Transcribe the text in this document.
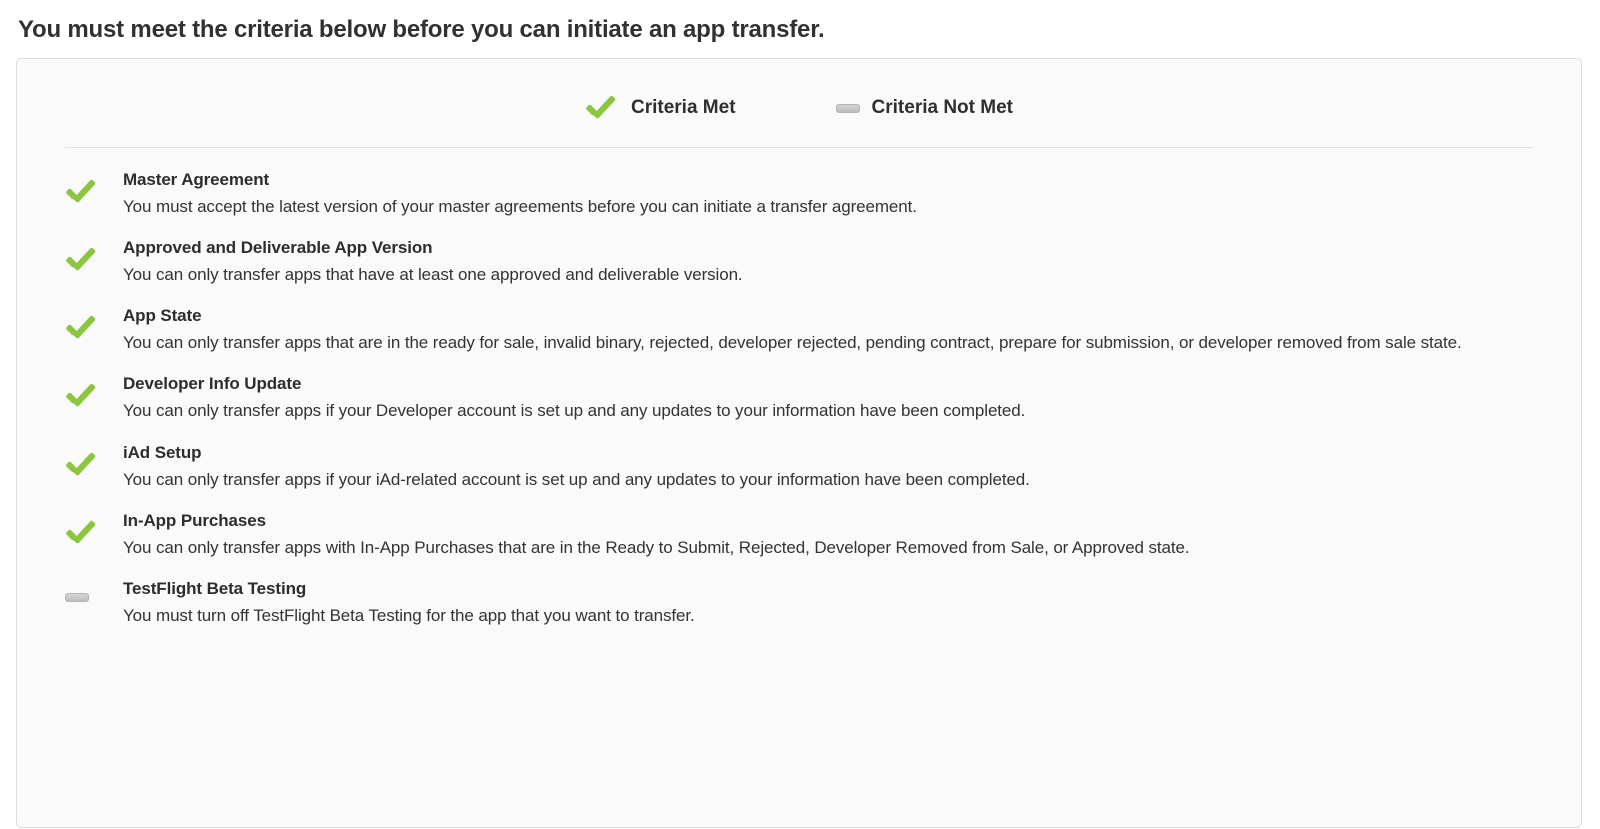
You must meet the criteria below before you can initiate an app transfer.
Criteria Met	Criteria Not Met
Master Agreement
You must accept the latest version of your master agreements before you can initiate a transfer agreement.
Approved and Deliverable App Version
You can only transfer apps that have at least one approved and deliverable version.
App State
You can only transfer apps that are in the ready for sale, invalid binary, rejected, developer rejected, pending contract, prepare for submission, or developer removed from sale state.
Developer Info Update
You can only transfer apps if your Developer account is set up and any updates to your information have been completed.
iAd Setup
You can only transfer apps if your iAd-related account is set up and any updates to your information have been completed.
In-App Purchases
You can only transfer apps with In-App Purchases that are in the Ready to Submit, Rejected, Developer Removed from Sale, or Approved state.
TestFlight Beta Testing
You must turn off TestFlight Beta Testing for the app that you want to transfer.
